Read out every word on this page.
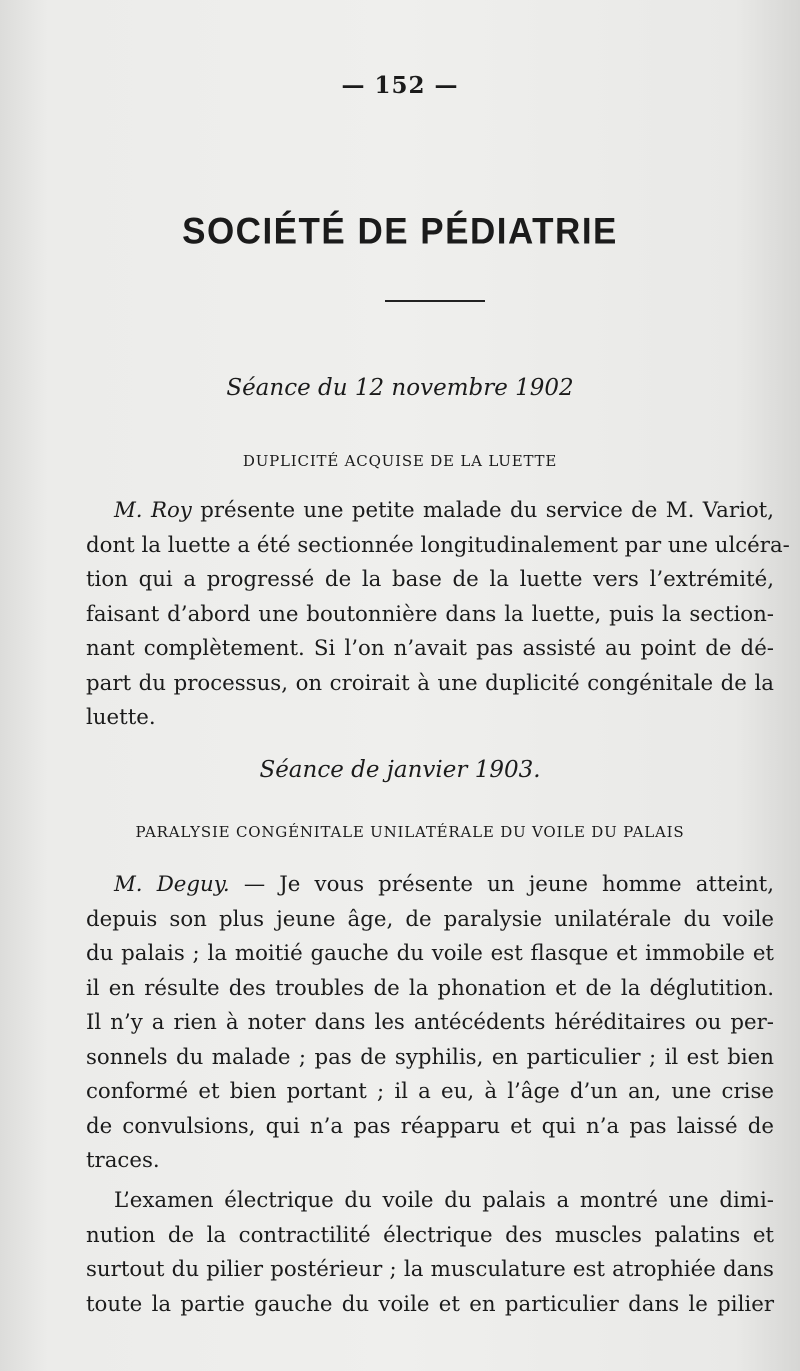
— 152 —
SOCIÉTÉ DE PÉDIATRIE
Séance du 12 novembre 1902
DUPLICITÉ ACQUISE DE LA LUETTE
M. Roy présente une petite malade du service de M. Variot,
dont la luette a été sectionnée longitudinalement par une ulcéra-
tion qui a progressé de la base de la luette vers l’extrémité,
faisant d’abord une boutonnière dans la luette, puis la section-
nant complètement. Si l’on n’avait pas assisté au point de dé-
part du processus, on croirait à une duplicité congénitale de la
luette.
Séance de janvier 1903.
PARALYSIE CONGÉNITALE UNILATÉRALE DU VOILE DU PALAIS
M. Deguy. — Je vous présente un jeune homme atteint,
depuis son plus jeune âge, de paralysie unilatérale du voile
du palais ; la moitié gauche du voile est flasque et immobile et
il en résulte des troubles de la phonation et de la déglutition.
Il n’y a rien à noter dans les antécédents héréditaires ou per-
sonnels du malade ; pas de syphilis, en particulier ; il est bien
conformé et bien portant ; il a eu, à l’âge d’un an, une crise
de convulsions, qui n’a pas réapparu et qui n’a pas laissé de
traces.
L’examen électrique du voile du palais a montré une dimi-
nution de la contractilité électrique des muscles palatins et
surtout du pilier postérieur ; la musculature est atrophiée dans
toute la partie gauche du voile et en particulier dans le pilier
